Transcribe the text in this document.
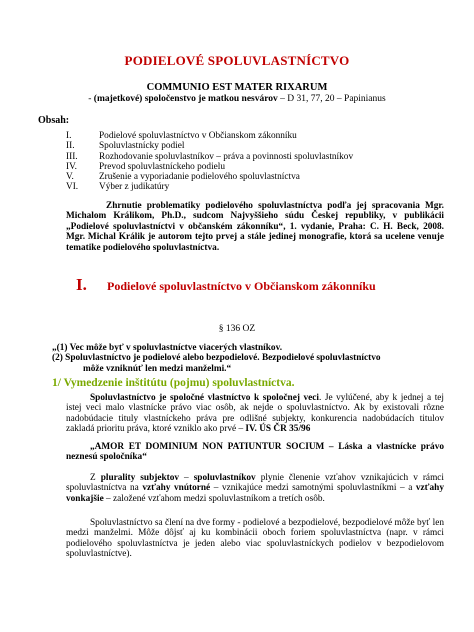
PODIELOVÉ SPOLUVLASTNÍCTVO
COMMUNIO EST MATER RIXARUM
- (majetkové) spoločenstvo je matkou nesvárov – D 31, 77, 20 – Papinianus
Obsah:
I.	Podielové spoluvlastníctvo v Občianskom zákonníku
II.	Spoluvlastnícky podiel
III.	Rozhodovanie spoluvlastníkov – práva a povinnosti spoluvlastníkov
IV.	Prevod spoluvlastníckeho podielu
V.	Zrušenie a vyporiadanie podielového spoluvlastníctva
VI.	Výber z judikatúry
Zhrnutie problematiky podielového spoluvlastníctva podľa jej spracovania Mgr. Michalom Králikom, Ph.D., sudcom Najvyššieho súdu Českej republiky, v publikácii „Podielové spoluvlastníctvi v občanském zákonníku“, 1. vydanie, Praha: C. H. Beck, 2008. Mgr. Michal Králik je autorom tejto prvej a stále jedinej monografie, ktorá sa ucelene venuje tematike podielového spoluvlastníctva.
I.	Podielové spoluvlastníctvo v Občianskom zákonníku
§ 136 OZ
„(1) Vec môže byť v spoluvlastníctve viacerých vlastníkov.
(2) Spoluvlastníctvo je podielové alebo bezpodielové. Bezpodielové spoluvlastníctvo
môže vzniknúť len medzi manželmi.“
1/ Vymedzenie inštitútu (pojmu) spoluvlastníctva.
Spoluvlastníctvo je spoločné vlastníctvo k spoločnej veci. Je vylúčené, aby k jednej a tej istej veci malo vlastnícke právo viac osôb, ak nejde o spoluvlastníctvo. Ak by existovali rôzne nadobúdacie tituly vlastníckeho práva pre odlišné subjekty, konkurencia nadobúdacích titulov zakladá prioritu práva, ktoré vzniklo ako prvé – IV. ÚS ČR 35/96
„AMOR ET DOMINIUM NON PATIUNTUR SOCIUM – Láska a vlastnícke právo neznesú spoločníka“
Z plurality subjektov – spoluvlastníkov plynie členenie vzťahov vznikajúcich v rámci spoluvlastníctva na vzťahy vnútorné – vznikajúce medzi samotnými spoluvlastníkmi – a vzťahy vonkajšie – založené vzťahom medzi spoluvlastníkom a tretích osôb.
Spoluvlastníctvo sa člení na dve formy - podielové a bezpodielové, bezpodielové môže byť len medzi manželmi. Môže dôjsť aj ku kombinácii oboch foriem spoluvlastníctva (napr. v rámci podielového spoluvlastníctva je jeden alebo viac spoluvlastníckych podielov v bezpodielovom spoluvlastníctve).
